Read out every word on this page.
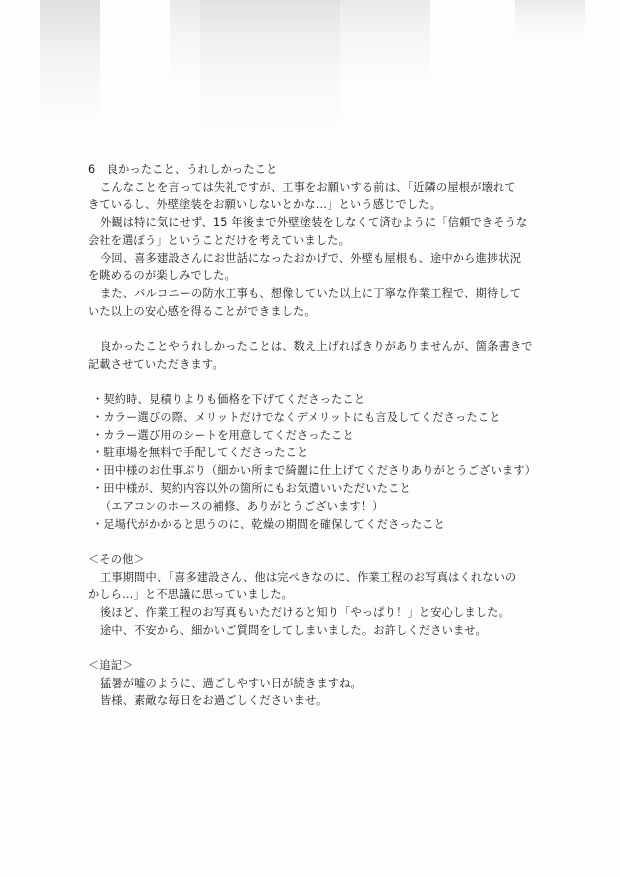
6　良かったこと、うれしかったこと
こんなことを言っては失礼ですが、工事をお願いする前は、「近隣の屋根が壊れて
きているし、外壁塗装をお願いしないとかな…」という感じでした。
外観は特に気にせず、15 年後まで外壁塗装をしなくて済むように「信頼できそうな
会社を選ぼう」ということだけを考えていました。
今回、喜多建設さんにお世話になったおかげで、外壁も屋根も、途中から進捗状況
を眺めるのが楽しみでした。
また、バルコニーの防水工事も、想像していた以上に丁寧な作業工程で、期待して
いた以上の安心感を得ることができました。
良かったことやうれしかったことは、数え上げればきりがありませんが、箇条書きで
記載させていただきます。
・契約時、見積りよりも価格を下げてくださったこと
・カラー選びの際、メリットだけでなくデメリットにも言及してくださったこと
・カラー選び用のシートを用意してくださったこと
・駐車場を無料で手配してくださったこと
・田中様のお仕事ぶり（細かい所まで綺麗に仕上げてくださりありがとうございます）
・田中様が、契約内容以外の箇所にもお気遣いいただいたこと
（エアコンのホースの補修、ありがとうございます！）
・足場代がかかると思うのに、乾燥の期間を確保してくださったこと
＜その他＞
工事期間中、「喜多建設さん、他は完ぺきなのに、作業工程のお写真はくれないの
かしら…」と不思議に思っていました。
後ほど、作業工程のお写真もいただけると知り「やっぱり！」と安心しました。
途中、不安から、細かいご質問をしてしまいました。お許しくださいませ。
＜追記＞
猛暑が嘘のように、過ごしやすい日が続きますね。
皆様、素敵な毎日をお過ごしくださいませ。
